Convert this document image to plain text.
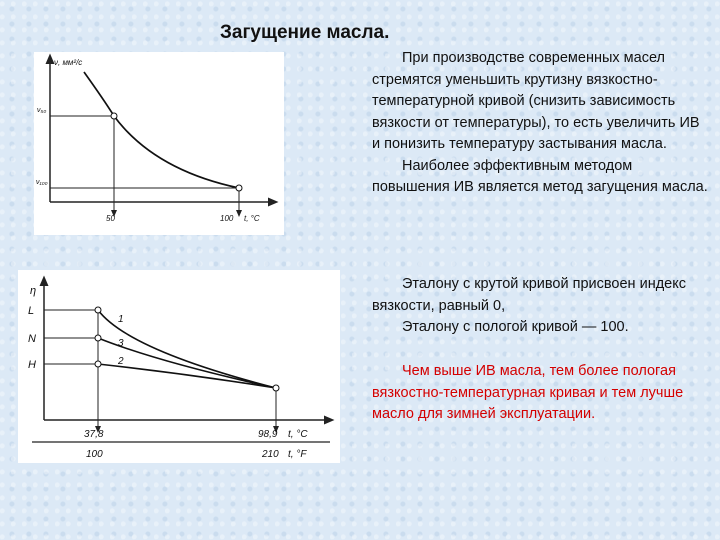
Загущение масла.
ν, мм²/с
ν₅₀
ν₁₀₀
50	100 t, °C
η
L
N
H
1
3
2
37,8	98,9 t, °C
100	210 t, °F

При производстве современных масел стремятся уменьшить крутизну вязкостно-температурной кривой (снизить зависимость вязкости от температуры), то есть увеличить ИВ и понизить температуру застывания масла.

Наиболее эффективным методом повышения ИВ является метод загущения масла.

Эталону с крутой кривой присвоен индекс вязкости, равный 0,

Эталону с пологой кривой — 100.

Чем выше ИВ масла, тем более пологая вязкостно-температурная кривая и тем лучше масло для зимней эксплуатации.
